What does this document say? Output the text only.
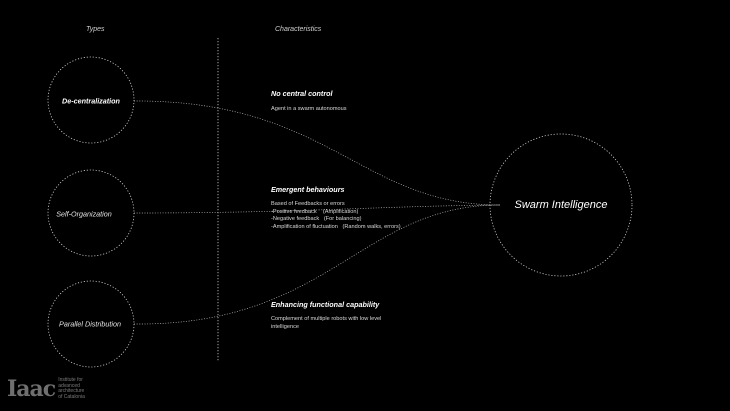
Types	Characteristics
De-centralization
Self-Organization
Parallel Distribution
Swarm Intelligence
No central control
Agent in a swarm autonomous
Emergent behaviours
Based of Feedbacks or errors
-Positive feedback    (Amplification)
-Negative feedback   (For balancing)
-Amplification of fluctuation   (Random walks, errors)
Enhancing functional capability
Complement of multiple robots with low level
intelligence
Iaac Institute for
advanced
architecture
of Catalonia
